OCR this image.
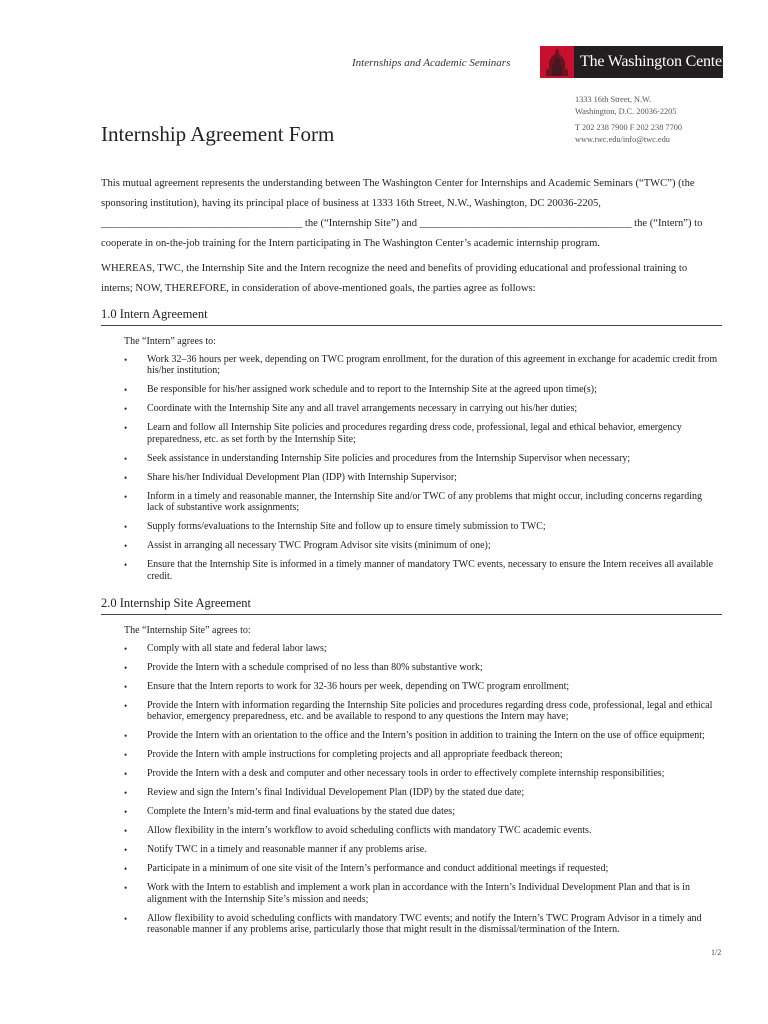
Internships and Academic Seminars	The Washington Center
1333 16th Street, N.W.
Washington, D.C. 20036-2205
T 202 238 7900 F 202 238 7700
www.twc.edu/info@twc.edu
Internship Agreement Form

This mutual agreement represents the understanding between The Washington Center for Internships and Academic Seminars (“TWC”) (the sponsoring institution), having its principal place of business at 1333 16th Street, N.W., Washington, DC 20036-2205, ______________________________________ the (“Internship Site”) and ________________________________________ the (“Intern”) to cooperate in on-the-job training for the Intern participating in The Washington Center’s academic internship program.

WHEREAS, TWC, the Internship Site and the Intern recognize the need and benefits of providing educational and professional training to interns; NOW, THEREFORE, in consideration of above-mentioned goals, the parties agree as follows:

1.0 Intern Agreement

The “Intern” agrees to:

• Work 32–36 hours per week, depending on TWC program enrollment, for the duration of this agreement in exchange for academic credit from his/her institution;
• Be responsible for his/her assigned work schedule and to report to the Internship Site at the agreed upon time(s);
• Coordinate with the Internship Site any and all travel arrangements necessary in carrying out his/her duties;
• Learn and follow all Internship Site policies and procedures regarding dress code, professional, legal and ethical behavior, emergency preparedness, etc. as set forth by the Internship Site;
• Seek assistance in understanding Internship Site policies and procedures from the Internship Supervisor when necessary;
• Share his/her Individual Development Plan (IDP) with Internship Supervisor;
• Inform in a timely and reasonable manner, the Internship Site and/or TWC of any problems that might occur, including concerns regarding lack of substantive work assignments;
• Supply forms/evaluations to the Internship Site and follow up to ensure timely submission to TWC;
• Assist in arranging all necessary TWC Program Advisor site visits (minimum of one);
• Ensure that the Internship Site is informed in a timely manner of mandatory TWC events, necessary to ensure the Intern receives all available credit.
2.0 Internship Site Agreement

The “Internship Site” agrees to:

• Comply with all state and federal labor laws;
• Provide the Intern with a schedule comprised of no less than 80% substantive work;
• Ensure that the Intern reports to work for 32-36 hours per week, depending on TWC program enrollment;
• Provide the Intern with information regarding the Internship Site policies and procedures regarding dress code, professional, legal and ethical behavior, emergency preparedness, etc. and be available to respond to any questions the Intern may have;
• Provide the Intern with an orientation to the office and the Intern’s position in addition to training the Intern on the use of office equipment;
• Provide the Intern with ample instructions for completing projects and all appropriate feedback thereon;
• Provide the Intern with a desk and computer and other necessary tools in order to effectively complete internship responsibilities;
• Review and sign the Intern’s final Individual Developement Plan (IDP) by the stated due date;
• Complete the Intern’s mid-term and final evaluations by the stated due dates;
• Allow flexibility in the intern’s workflow to avoid scheduling conflicts with mandatory TWC academic events.
• Notify TWC in a timely and reasonable manner if any problems arise.
• Participate in a minimum of one site visit of the Intern’s performance and conduct additional meetings if requested;
• Work with the Intern to establish and implement a work plan in accordance with the Intern’s Individual Development Plan and that is in alignment with the Internship Site’s mission and needs;
• Allow flexibility to avoid scheduling conflicts with mandatory TWC events; and notify the Intern’s TWC Program Advisor in a timely and reasonable manner if any problems arise, particularly those that might result in the dismissal/termination of the Intern.
1/2
